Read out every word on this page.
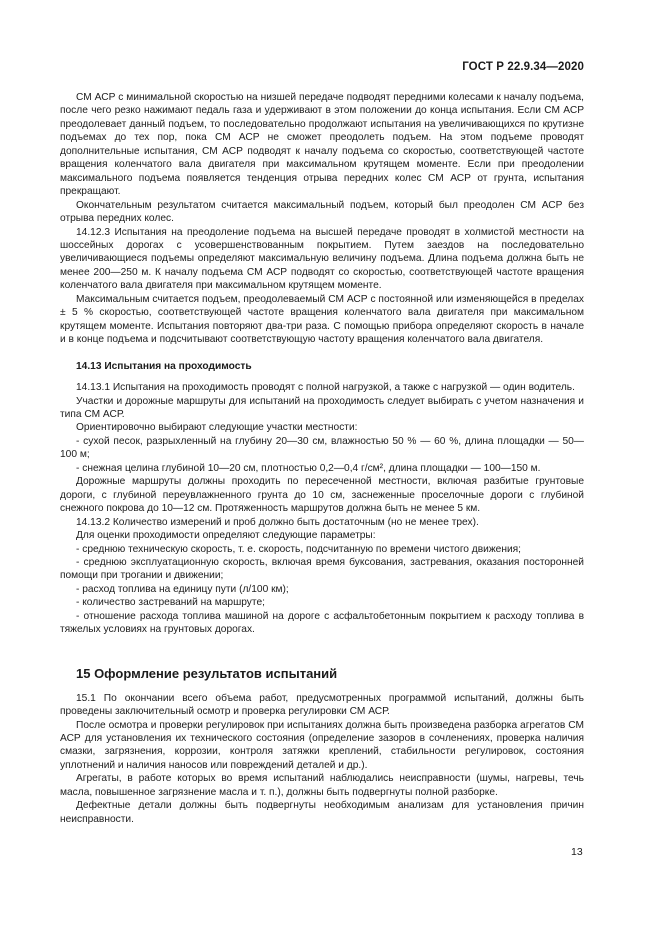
ГОСТ Р 22.9.34—2020

СМ АСР с минимальной скоростью на низшей передаче подводят передними колесами к началу подъема, после чего резко нажимают педаль газа и удерживают в этом положении до конца испытания. Если СМ АСР преодолевает данный подъем, то последовательно продолжают испытания на увеличивающихся по крутизне подъемах до тех пор, пока СМ АСР не сможет преодолеть подъем. На этом подъеме проводят дополнительные испытания, СМ АСР подводят к началу подъема со скоростью, соответствующей частоте вращения коленчатого вала двигателя при максимальном крутящем моменте. Если при преодолении максимального подъема появляется тенденция отрыва передних колес СМ АСР от грунта, испытания прекращают.

Окончательным результатом считается максимальный подъем, который был преодолен СМ АСР без отрыва передних колес.

14.12.3 Испытания на преодоление подъема на высшей передаче проводят в холмистой местности на шоссейных дорогах с усовершенствованным покрытием. Путем заездов на последовательно увеличивающиеся подъемы определяют максимальную величину подъема. Длина подъема должна быть не менее 200—250 м. К началу подъема СМ АСР подводят со скоростью, соответствующей частоте вращения коленчатого вала двигателя при максимальном крутящем моменте.

Максимальным считается подъем, преодолеваемый СМ АСР с постоянной или изменяющейся в пределах ± 5 % скоростью, соответствующей частоте вращения коленчатого вала двигателя при максимальном крутящем моменте. Испытания повторяют два-три раза. С помощью прибора определяют скорость в начале и в конце подъема и подсчитывают соответствующую частоту вращения коленчатого вала двигателя.

14.13 Испытания на проходимость

14.13.1 Испытания на проходимость проводят с полной нагрузкой, а также с нагрузкой — один водитель.

Участки и дорожные маршруты для испытаний на проходимость следует выбирать с учетом назначения и типа СМ АСР.

Ориентировочно выбирают следующие участки местности:

- сухой песок, разрыхленный на глубину 20—30 см, влажностью 50 % — 60 %, длина площадки — 50—100 м;

- снежная целина глубиной 10—20 см, плотностью 0,2—0,4 г/см², длина площадки — 100—150 м.

Дорожные маршруты должны проходить по пересеченной местности, включая разбитые грунтовые дороги, с глубиной переувлажненного грунта до 10 см, заснеженные проселочные дороги с глубиной снежного покрова до 10—12 см. Протяженность маршрутов должна быть не менее 5 км.

14.13.2 Количество измерений и проб должно быть достаточным (но не менее трех).

Для оценки проходимости определяют следующие параметры:

- среднюю техническую скорость, т. е. скорость, подсчитанную по времени чистого движения;

- среднюю эксплуатационную скорость, включая время буксования, застревания, оказания посторонней помощи при трогании и движении;

- расход топлива на единицу пути (л/100 км);

- количество застреваний на маршруте;

- отношение расхода топлива машиной на дороге с асфальтобетонным покрытием к расходу топлива в тяжелых условиях на грунтовых дорогах.

15 Оформление результатов испытаний

15.1 По окончании всего объема работ, предусмотренных программой испытаний, должны быть проведены заключительный осмотр и проверка регулировки СМ АСР.

После осмотра и проверки регулировок при испытаниях должна быть произведена разборка агрегатов СМ АСР для установления их технического состояния (определение зазоров в сочленениях, проверка наличия смазки, загрязнения, коррозии, контроля затяжки креплений, стабильности регулировок, состояния уплотнений и наличия наносов или повреждений деталей и др.).

Агрегаты, в работе которых во время испытаний наблюдались неисправности (шумы, нагревы, течь масла, повышенное загрязнение масла и т. п.), должны быть подвергнуты полной разборке.

Дефектные детали должны быть подвергнуты необходимым анализам для установления причин неисправности.

13
